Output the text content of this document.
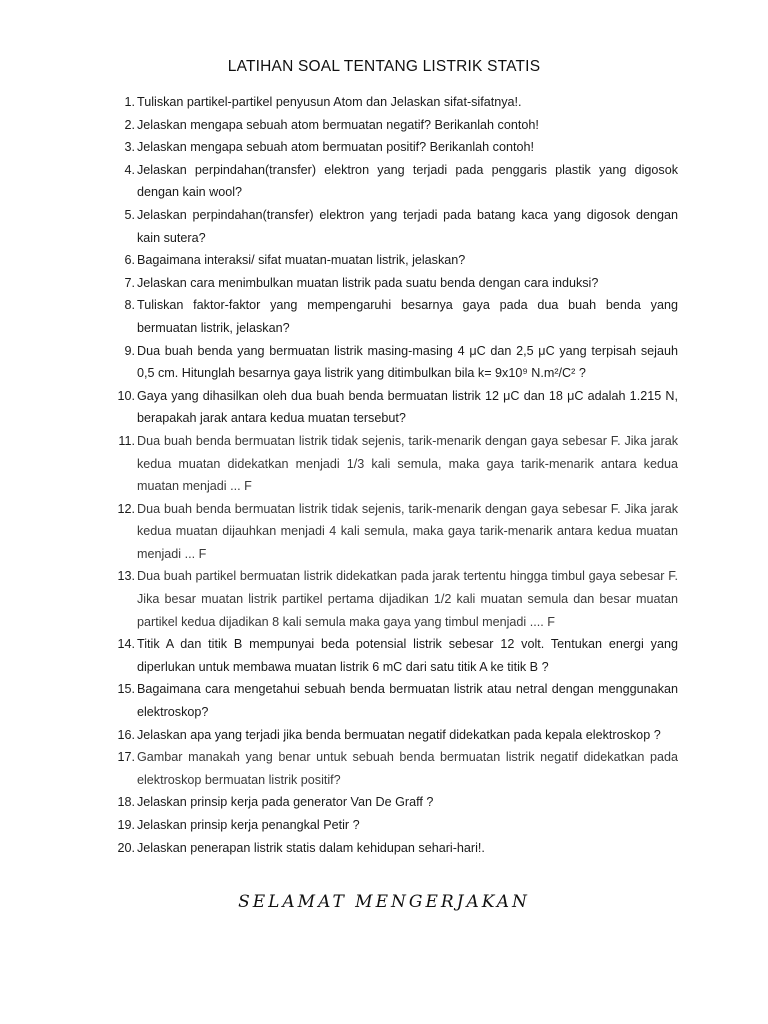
LATIHAN SOAL TENTANG LISTRIK STATIS
1. Tuliskan partikel-partikel penyusun Atom dan Jelaskan sifat-sifatnya!.
2. Jelaskan mengapa sebuah atom bermuatan negatif? Berikanlah contoh!
3. Jelaskan mengapa sebuah atom bermuatan positif? Berikanlah contoh!
4. Jelaskan perpindahan(transfer) elektron yang terjadi pada penggaris plastik yang digosok dengan kain wool?
5. Jelaskan perpindahan(transfer) elektron yang terjadi pada batang kaca yang digosok dengan kain sutera?
6. Bagaimana interaksi/ sifat muatan-muatan listrik, jelaskan?
7. Jelaskan cara menimbulkan muatan listrik pada suatu benda dengan cara induksi?
8. Tuliskan faktor-faktor yang mempengaruhi besarnya gaya pada dua buah benda yang bermuatan listrik, jelaskan?
9. Dua buah benda yang bermuatan listrik masing-masing 4 μC dan 2,5 μC yang terpisah sejauh 0,5 cm. Hitunglah besarnya gaya listrik yang ditimbulkan bila k= 9x10⁹ N.m²/C² ?
10. Gaya yang dihasilkan oleh dua buah benda bermuatan listrik 12 μC dan 18 μC adalah 1.215 N, berapakah jarak antara kedua muatan tersebut?
11. Dua buah benda bermuatan listrik tidak sejenis, tarik-menarik dengan gaya sebesar F. Jika jarak kedua muatan didekatkan menjadi 1/3 kali semula, maka gaya tarik-menarik antara kedua muatan menjadi ... F
12. Dua buah benda bermuatan listrik tidak sejenis, tarik-menarik dengan gaya sebesar F. Jika jarak kedua muatan dijauhkan menjadi 4 kali semula, maka gaya tarik-menarik antara kedua muatan menjadi ... F
13. Dua buah partikel bermuatan listrik didekatkan pada jarak tertentu hingga timbul gaya sebesar F. Jika besar muatan listrik partikel pertama dijadikan 1/2 kali muatan semula dan besar muatan partikel kedua dijadikan 8 kali semula maka gaya yang timbul menjadi .... F
14. Titik A dan titik B mempunyai beda potensial listrik sebesar 12 volt. Tentukan energi yang diperlukan untuk membawa muatan listrik 6 mC dari satu titik A ke titik B ?
15. Bagaimana cara mengetahui sebuah benda bermuatan listrik atau netral dengan menggunakan elektroskop?
16. Jelaskan apa yang terjadi jika benda bermuatan negatif didekatkan pada kepala elektroskop ?
17. Gambar manakah yang benar untuk sebuah benda bermuatan listrik negatif didekatkan pada elektroskop bermuatan listrik positif?
18. Jelaskan prinsip kerja pada generator Van De Graff ?
19. Jelaskan prinsip kerja penangkal Petir ?
20. Jelaskan penerapan listrik statis dalam kehidupan sehari-hari!.
SELAMAT MENGERJAKAN
